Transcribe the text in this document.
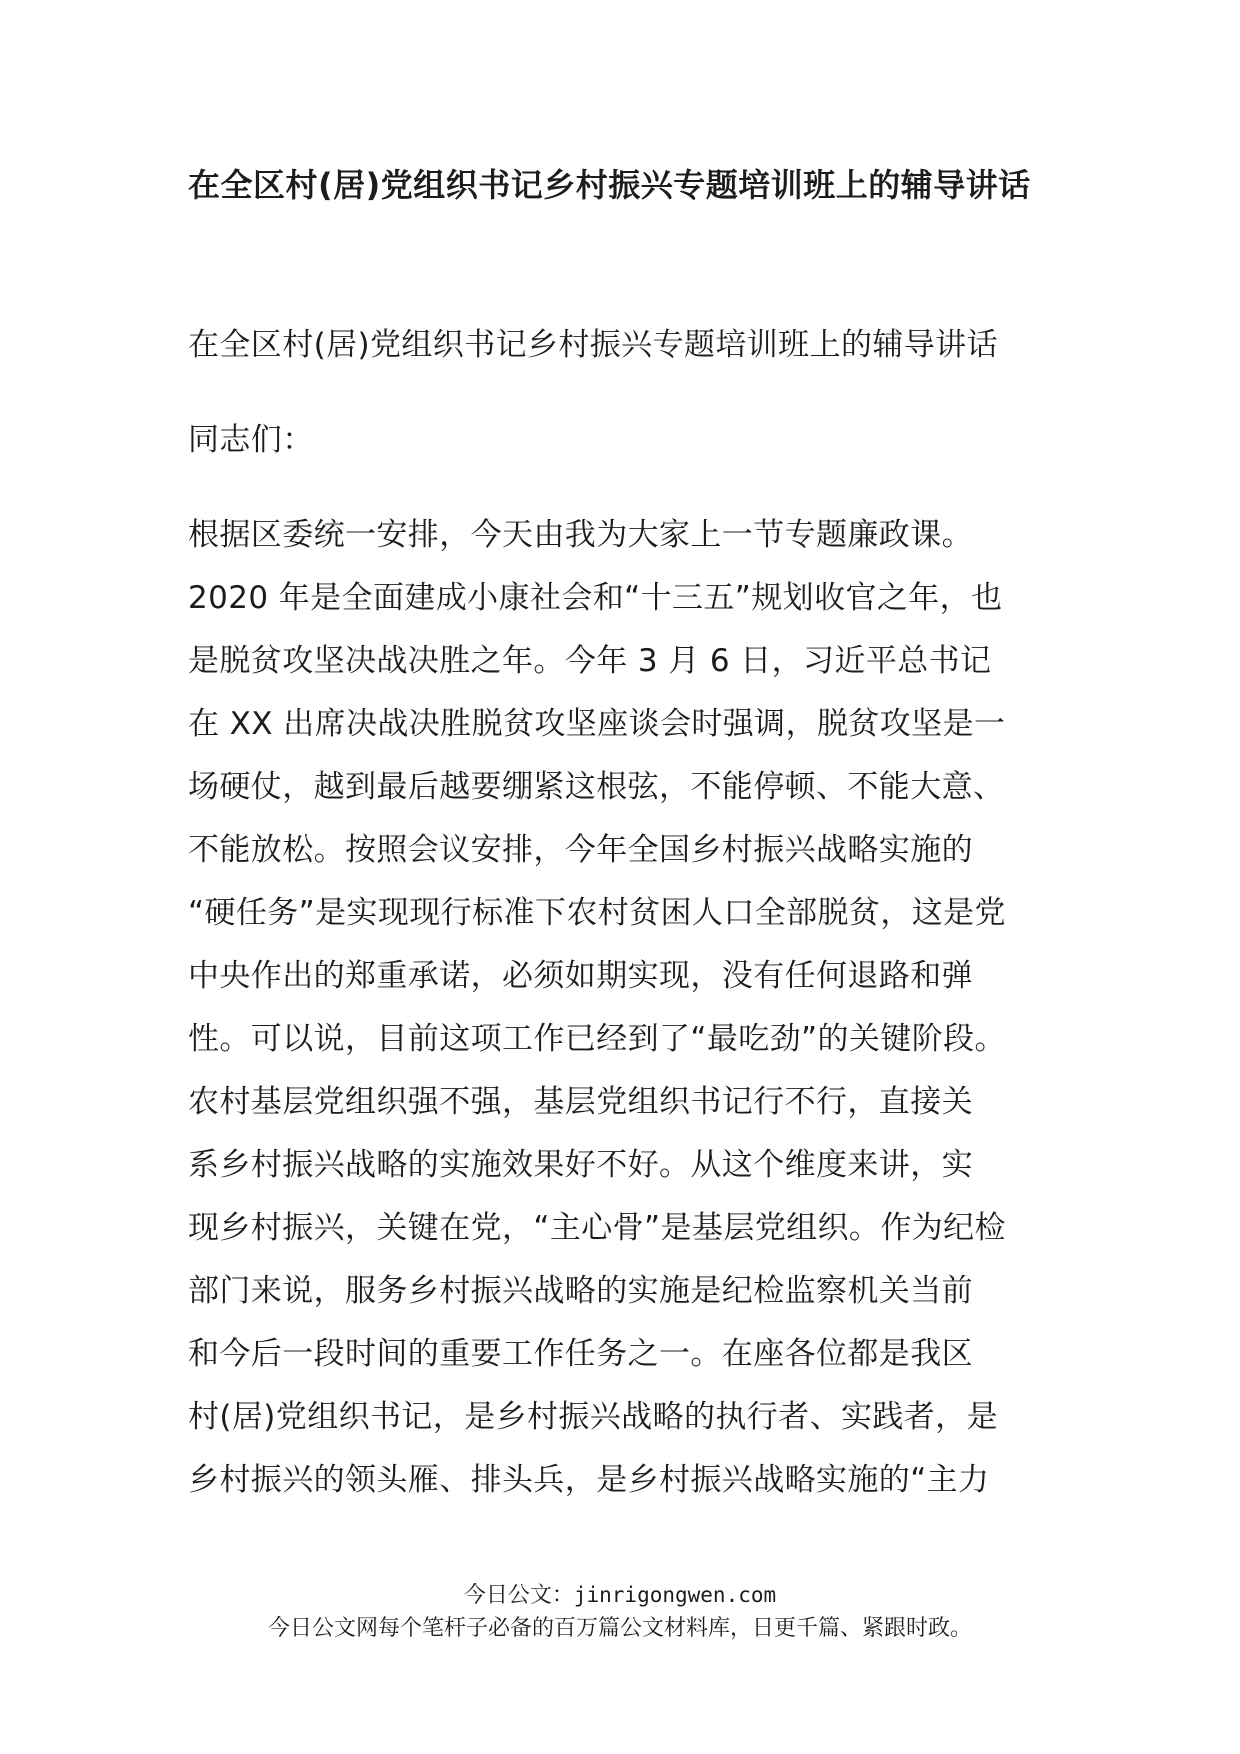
在全区村(居)党组织书记乡村振兴专题培训班上的辅导讲话

在全区村(居)党组织书记乡村振兴专题培训班上的辅导讲话

同志们：

根据区委统一安排，今天由我为大家上一节专题廉政课。
2020 年是全面建成小康社会和“十三五”规划收官之年，也
是脱贫攻坚决战决胜之年。今年 3 月 6 日，习近平总书记
在 XX 出席决战决胜脱贫攻坚座谈会时强调，脱贫攻坚是一
场硬仗，越到最后越要绷紧这根弦，不能停顿、不能大意、
不能放松。按照会议安排，今年全国乡村振兴战略实施的
“硬任务”是实现现行标准下农村贫困人口全部脱贫，这是党
中央作出的郑重承诺，必须如期实现，没有任何退路和弹
性。可以说，目前这项工作已经到了“最吃劲”的关键阶段。
农村基层党组织强不强，基层党组织书记行不行，直接关
系乡村振兴战略的实施效果好不好。从这个维度来讲，实
现乡村振兴，关键在党，“主心骨”是基层党组织。作为纪检
部门来说，服务乡村振兴战略的实施是纪检监察机关当前
和今后一段时间的重要工作任务之一。在座各位都是我区
村(居)党组织书记，是乡村振兴战略的执行者、实践者，是
乡村振兴的领头雁、排头兵，是乡村振兴战略实施的“主力
今日公文：jinrigongwen.com
今日公文网每个笔杆子必备的百万篇公文材料库，日更千篇、紧跟时政。
